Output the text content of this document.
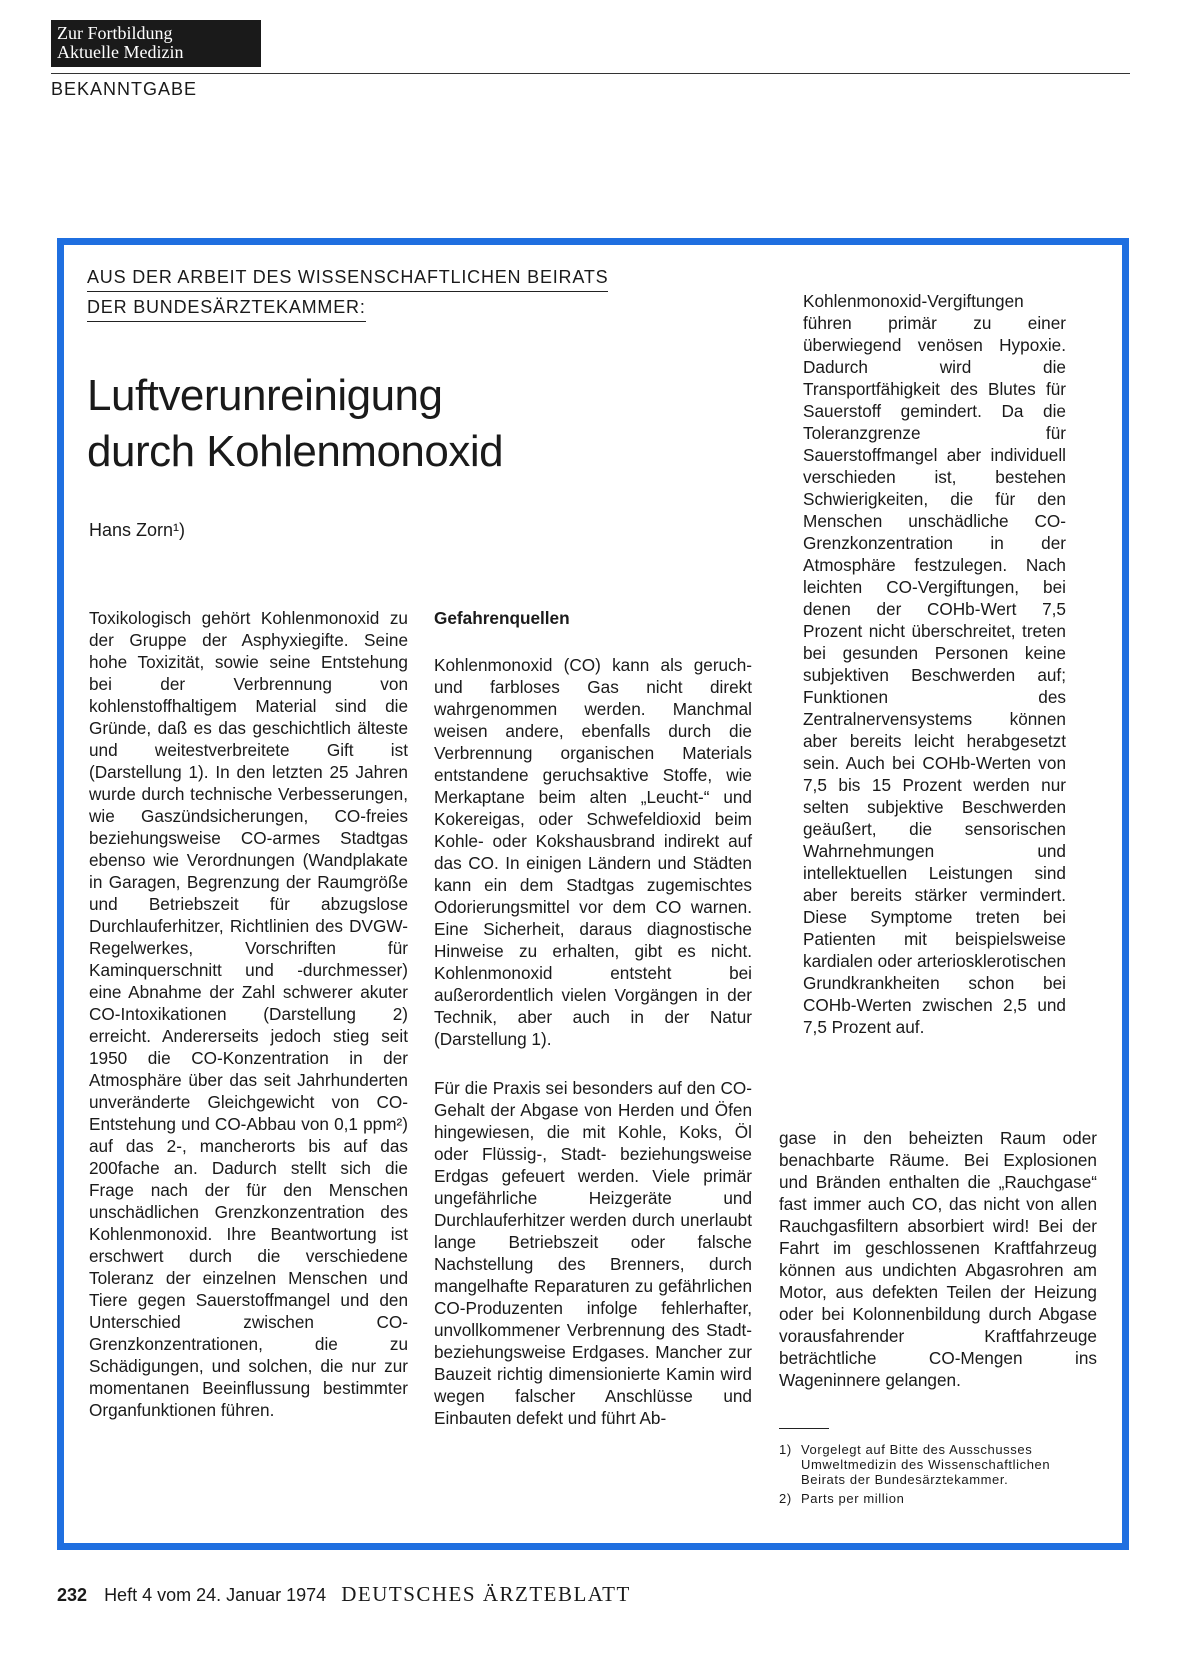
Zur Fortbildung
Aktuelle Medizin
BEKANNTGABE
AUS DER ARBEIT DES WISSENSCHAFTLICHEN BEIRATS
DER BUNDESÄRZTEKAMMER:
Luftverunreinigung
durch Kohlenmonoxid
Hans Zorn¹)

Toxikologisch gehört Kohlenmonoxid zu der Gruppe der Asphyxiegifte. Seine hohe Toxizität, sowie seine Entstehung bei der Verbrennung von kohlenstoffhaltigem Material sind die Gründe, daß es das geschichtlich älteste und weitestverbreitete Gift ist (Darstellung 1). In den letzten 25 Jahren wurde durch technische Verbesserungen, wie Gaszündsicherungen, CO-freies beziehungsweise CO-armes Stadtgas ebenso wie Verordnungen (Wandplakate in Garagen, Begrenzung der Raumgröße und Betriebszeit für abzugslose Durchlauferhitzer, Richtlinien des DVGW-Regelwerkes, Vorschriften für Kaminquerschnitt und -durchmesser) eine Abnahme der Zahl schwerer akuter CO-Intoxikationen (Darstellung 2) erreicht. Andererseits jedoch stieg seit 1950 die CO-Konzentration in der Atmosphäre über das seit Jahrhunderten unveränderte Gleichgewicht von CO-Entstehung und CO-Abbau von 0,1 ppm²) auf das 2-, mancherorts bis auf das 200fache an. Dadurch stellt sich die Frage nach der für den Menschen unschädlichen Grenzkonzentration des Kohlenmonoxid. Ihre Beantwortung ist erschwert durch die verschiedene Toleranz der einzelnen Menschen und Tiere gegen Sauerstoffmangel und den Unterschied zwischen CO-Grenzkonzentrationen, die zu Schädigungen, und solchen, die nur zur momentanen Beeinflussung bestimmter Organfunktionen führen.

Gefahrenquellen

Kohlenmonoxid (CO) kann als geruch- und farbloses Gas nicht direkt wahrgenommen werden. Manchmal weisen andere, ebenfalls durch die Verbrennung organischen Materials entstandene geruchsaktive Stoffe, wie Merkaptane beim alten „Leucht-“ und Kokereigas, oder Schwefeldioxid beim Kohle- oder Kokshausbrand indirekt auf das CO. In einigen Ländern und Städten kann ein dem Stadtgas zugemischtes Odorierungsmittel vor dem CO warnen. Eine Sicherheit, daraus diagnostische Hinweise zu erhalten, gibt es nicht. Kohlenmonoxid entsteht bei außerordentlich vielen Vorgängen in der Technik, aber auch in der Natur (Darstellung 1).

Für die Praxis sei besonders auf den CO-Gehalt der Abgase von Herden und Öfen hingewiesen, die mit Kohle, Koks, Öl oder Flüssig-, Stadt- beziehungsweise Erdgas gefeuert werden. Viele primär ungefährliche Heizgeräte und Durchlauferhitzer werden durch unerlaubt lange Betriebszeit oder falsche Nachstellung des Brenners, durch mangelhafte Reparaturen zu gefährlichen CO-Produzenten infolge fehlerhafter, unvollkommener Verbrennung des Stadt- beziehungsweise Erdgases. Mancher zur Bauzeit richtig dimensionierte Kamin wird wegen falscher Anschlüsse und Einbauten defekt und führt Ab-

Kohlenmonoxid-Vergiftungen führen primär zu einer überwiegend venösen Hypoxie. Dadurch wird die Transportfähigkeit des Blutes für Sauerstoff gemindert. Da die Toleranzgrenze für Sauerstoffmangel aber individuell verschieden ist, bestehen Schwierigkeiten, die für den Menschen unschädliche CO-Grenzkonzentration in der Atmosphäre festzulegen. Nach leichten CO-Vergiftungen, bei denen der COHb-Wert 7,5 Prozent nicht überschreitet, treten bei gesunden Personen keine subjektiven Beschwerden auf; Funktionen des Zentralnervensystems können aber bereits leicht herabgesetzt sein. Auch bei COHb-Werten von 7,5 bis 15 Prozent werden nur selten subjektive Beschwerden geäußert, die sensorischen Wahrnehmungen und intellektuellen Leistungen sind aber bereits stärker vermindert. Diese Symptome treten bei Patienten mit beispielsweise kardialen oder arteriosklerotischen Grundkrankheiten schon bei COHb-Werten zwischen 2,5 und 7,5 Prozent auf.

gase in den beheizten Raum oder benachbarte Räume. Bei Explosionen und Bränden enthalten die „Rauchgase“ fast immer auch CO, das nicht von allen Rauchgasfiltern absorbiert wird! Bei der Fahrt im geschlossenen Kraftfahrzeug können aus undichten Abgasrohren am Motor, aus defekten Teilen der Heizung oder bei Kolonnenbildung durch Abgase vorausfahrender Kraftfahrzeuge beträchtliche CO-Mengen ins Wageninnere gelangen.

1) Vorgelegt auf Bitte des Ausschusses Umweltmedizin des Wissenschaftlichen Beirats der Bundesärztekammer.
2) Parts per million
232 Heft 4 vom 24. Januar 1974 DEUTSCHES ÄRZTEBLATT
